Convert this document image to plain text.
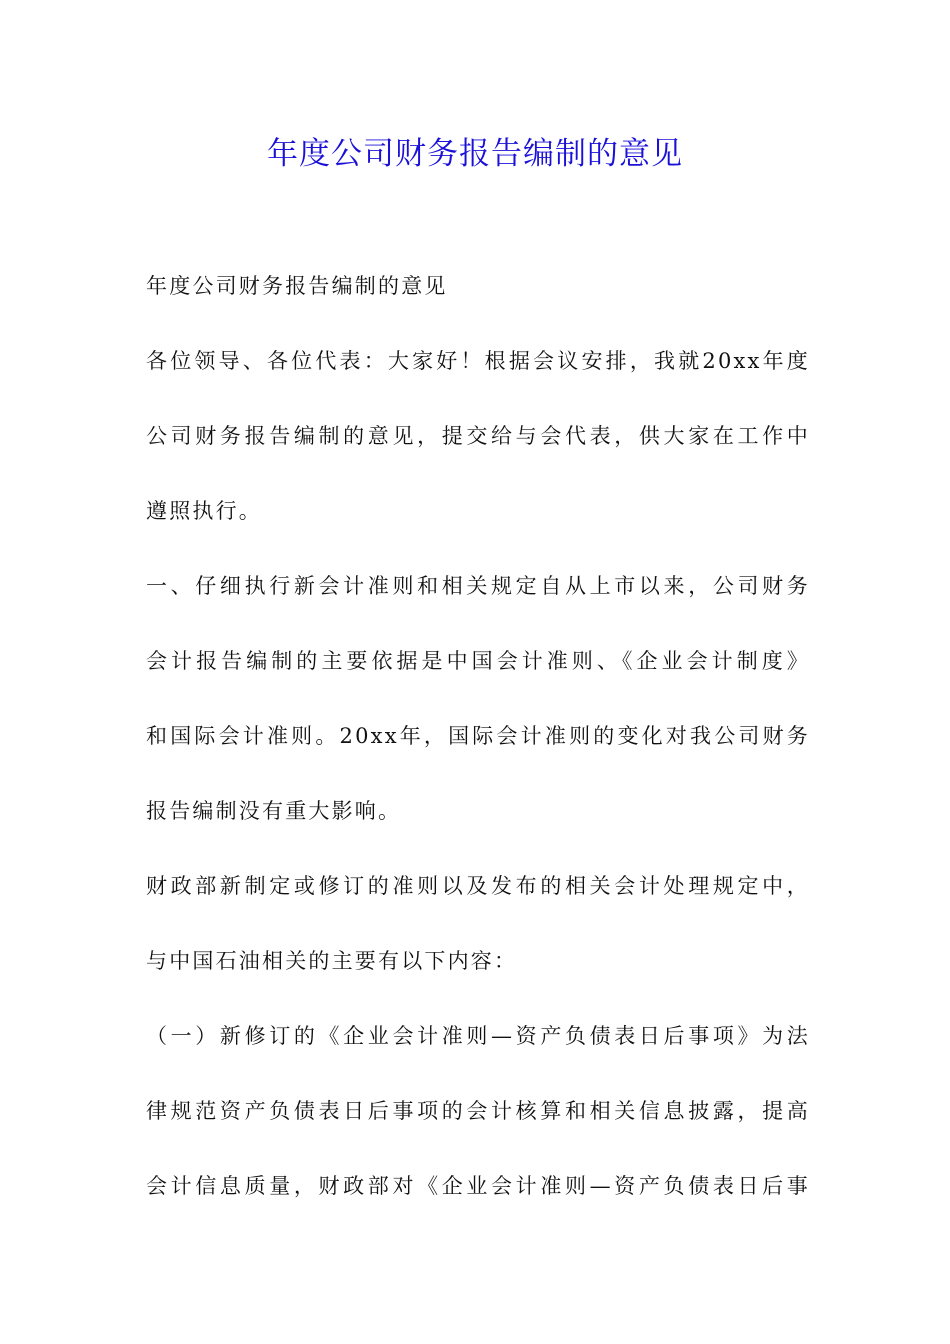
年度公司财务报告编制的意见
年度公司财务报告编制的意见
各位领导、各位代表：大家好！根据会议安排，我就20xx年度
公司财务报告编制的意见，提交给与会代表，供大家在工作中
遵照执行。
一、仔细执行新会计准则和相关规定自从上市以来，公司财务
会计报告编制的主要依据是中国会计准则、《企业会计制度》
和国际会计准则。20xx年，国际会计准则的变化对我公司财务
报告编制没有重大影响。
财政部新制定或修订的准则以及发布的相关会计处理规定中，
与中国石油相关的主要有以下内容：
（一）新修订的《企业会计准则—资产负债表日后事项》为法
律规范资产负债表日后事项的会计核算和相关信息披露，提高
会计信息质量，财政部对《企业会计准则—资产负债表日后事
